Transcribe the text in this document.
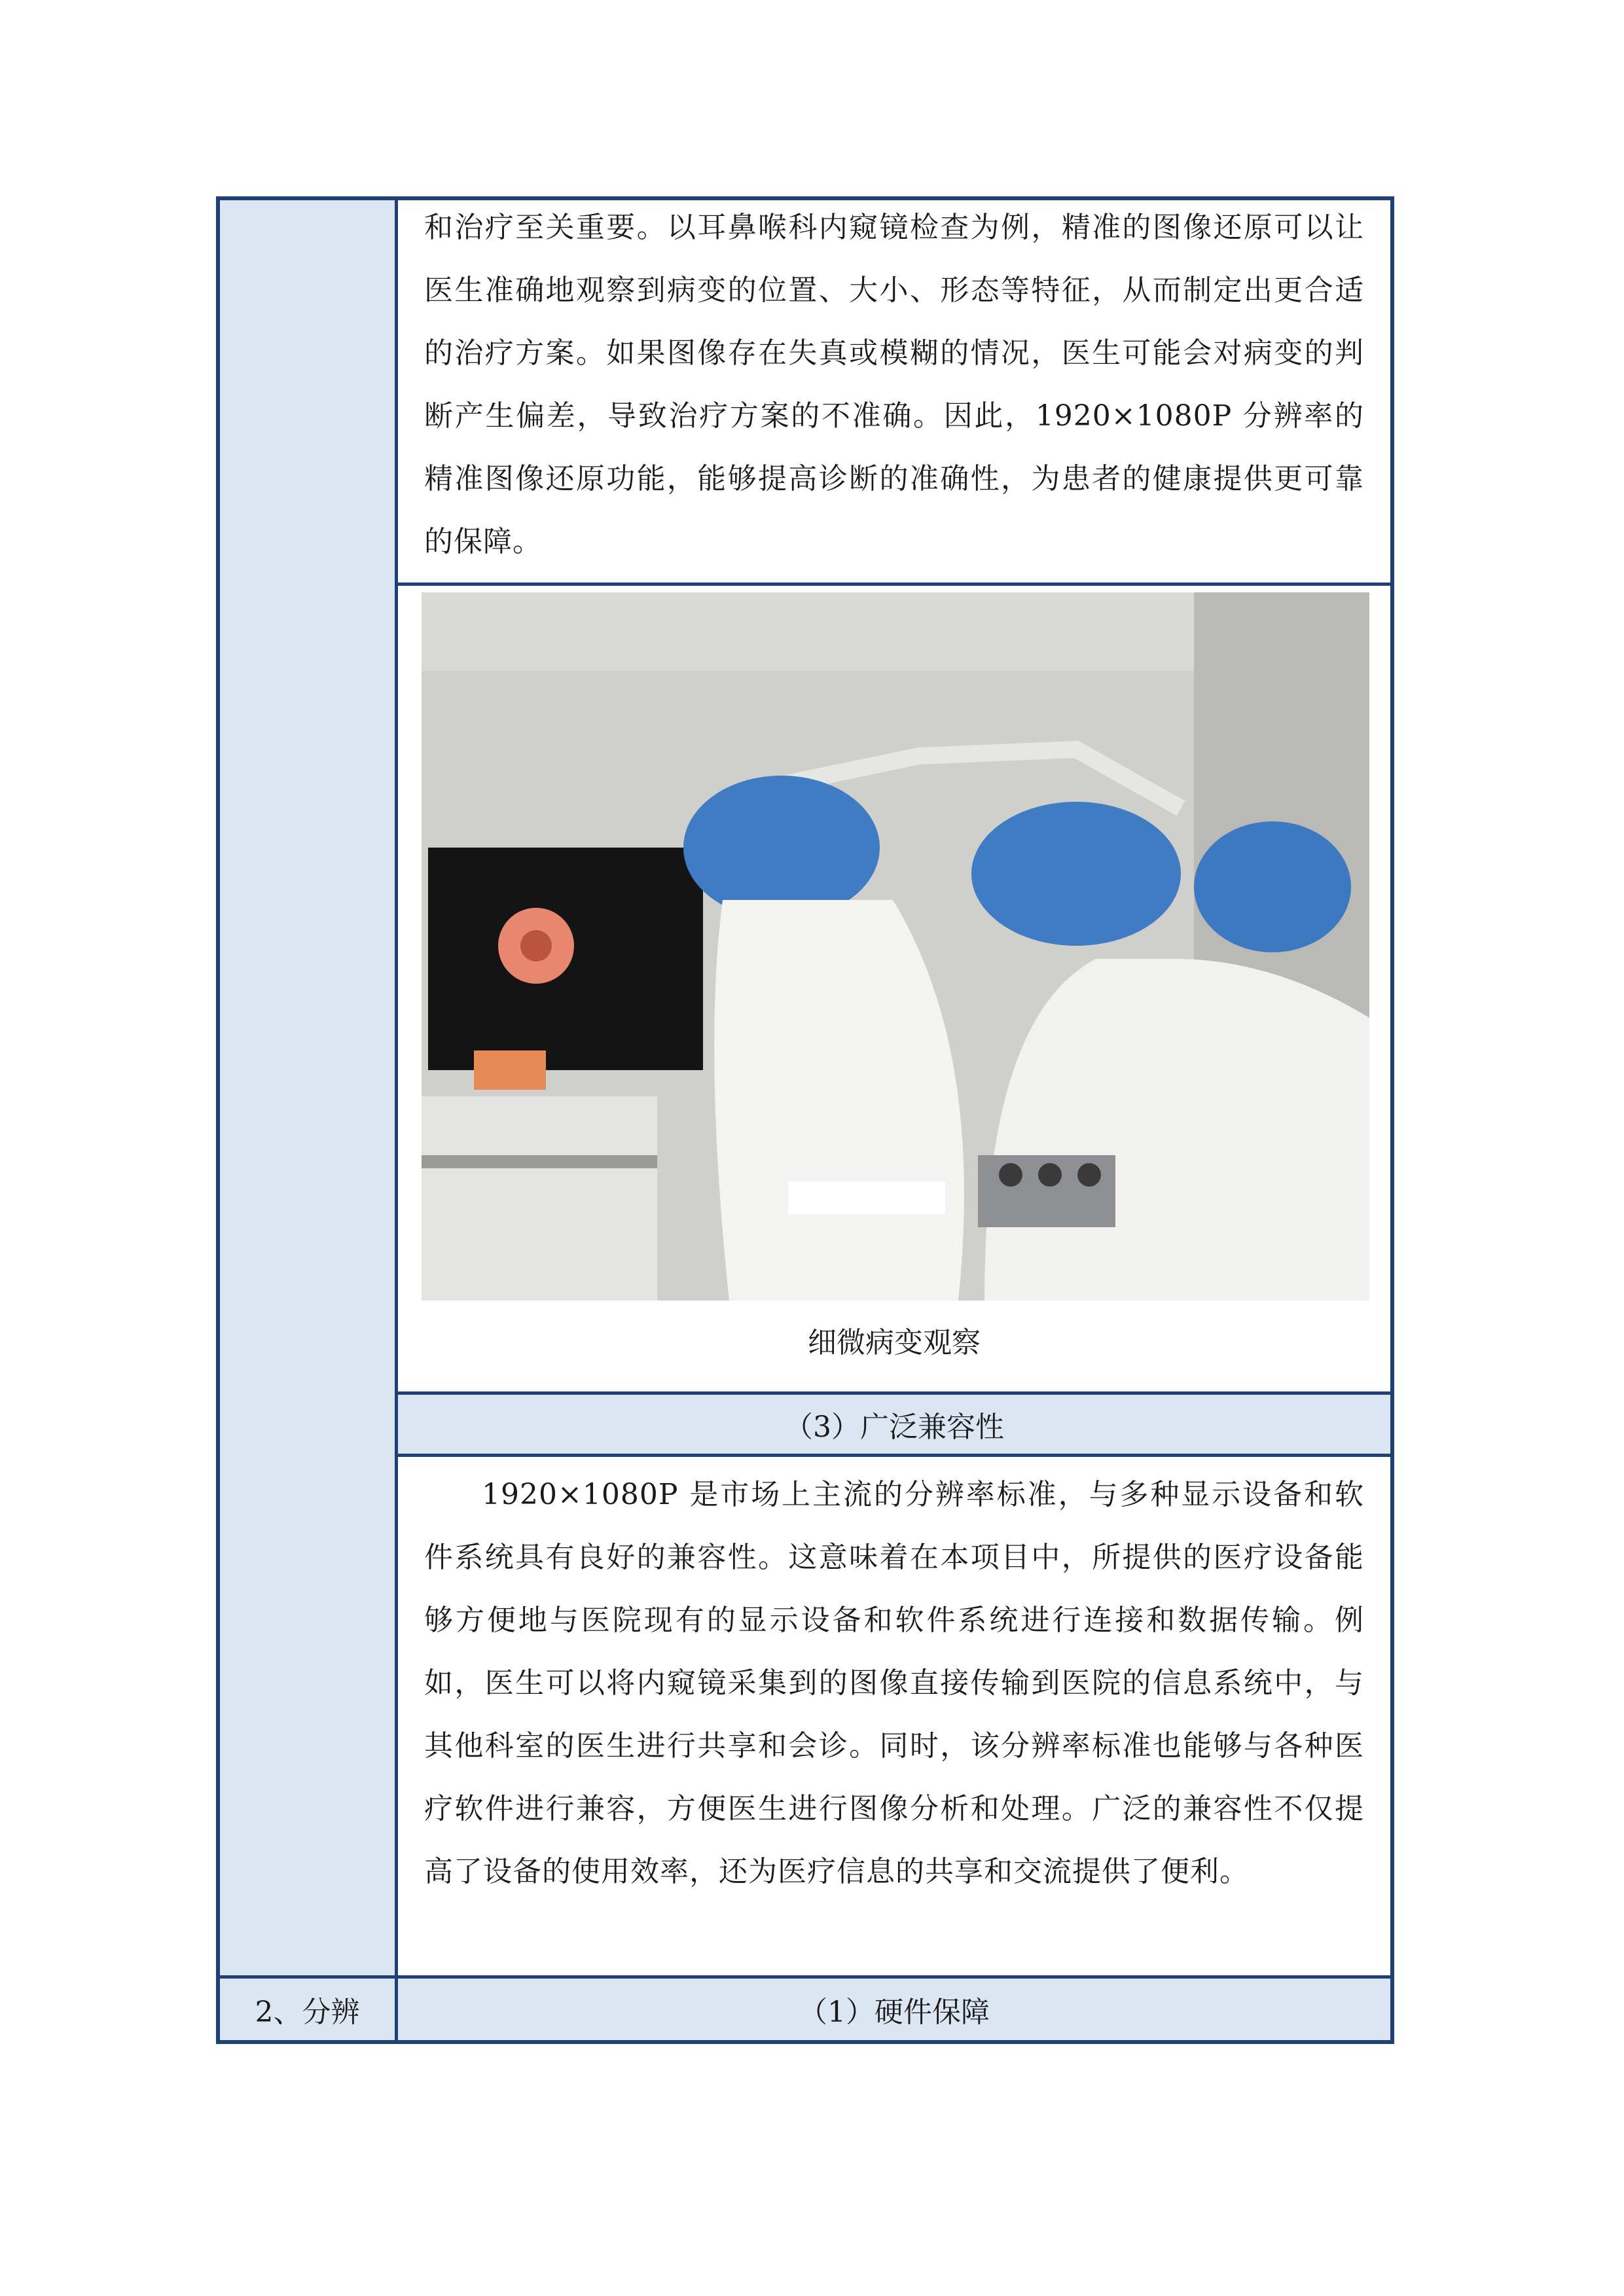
2、分辨

和治疗至关重要。以耳鼻喉科内窥镜检查为例，精准的图像还原可以让医生准确地观察到病变的位置、大小、形态等特征，从而制定出更合适的治疗方案。如果图像存在失真或模糊的情况，医生可能会对病变的判断产生偏差，导致治疗方案的不准确。因此，1920×1080P 分辨率的精准图像还原功能，能够提高诊断的准确性，为患者的健康提供更可靠的保障。

细微病变观察
（3）广泛兼容性

1920×1080P 是市场上主流的分辨率标准，与多种显示设备和软件系统具有良好的兼容性。这意味着在本项目中，所提供的医疗设备能够方便地与医院现有的显示设备和软件系统进行连接和数据传输。例如，医生可以将内窥镜采集到的图像直接传输到医院的信息系统中，与其他科室的医生进行共享和会诊。同时，该分辨率标准也能够与各种医疗软件进行兼容，方便医生进行图像分析和处理。广泛的兼容性不仅提高了设备的使用效率，还为医疗信息的共享和交流提供了便利。

（1）硬件保障
